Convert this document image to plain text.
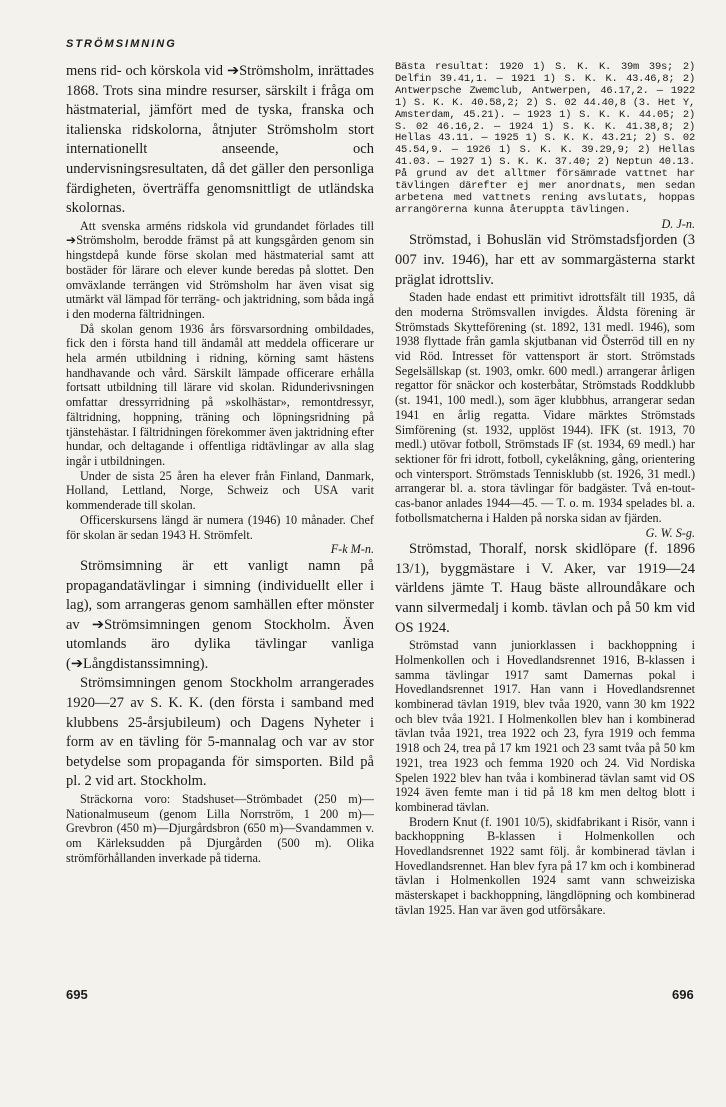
STRÖMSIMNING

mens rid- och körskola vid ➔Strömsholm, inrättades 1868. Trots sina mindre resurser, särskilt i fråga om hästmaterial, jämfört med de tyska, franska och italienska ridskolorna, åtnjuter Strömsholm stort internationellt anseende, och undervisningsresultaten, då det gäller den personliga färdigheten, överträffa genomsnittligt de utländska skolornas.

Att svenska arméns ridskola vid grundandet förlades till ➔Strömsholm, berodde främst på att kungsgården genom sin hingstdepå kunde förse skolan med hästmaterial samt att bostäder för lärare och elever kunde beredas på slottet. Den omväxlande terrängen vid Strömsholm har även visat sig utmärkt väl lämpad för terräng- och jaktridning, som båda ingå i den moderna fältridningen.

Då skolan genom 1936 års försvarsordning ombildades, fick den i första hand till ändamål att meddela officerare ur hela armén utbildning i ridning, körning samt hästens handhavande och vård. Särskilt lämpade officerare erhålla fortsatt utbildning till lärare vid skolan. Ridunderivsningen omfattar dressyrridning på »skolhästar», remontdressyr, fältridning, hoppning, träning och löpningsridning på tjänstehästar. I fältridningen förekommer även jaktridning efter hundar, och deltagande i offentliga ridtävlingar av alla slag ingår i utbildningen.

Under de sista 25 åren ha elever från Finland, Danmark, Holland, Lettland, Norge, Schweiz och USA varit kommenderade till skolan.

Officerskursens längd är numera (1946) 10 månader. Chef för skolan är sedan 1943 H. Strömfelt.

F-k M-n.

Strömsimning är ett vanligt namn på propagandatävlingar i simning (individuellt eller i lag), som arrangeras genom samhällen efter mönster av ➔Strömsimningen genom Stockholm. Även utomlands äro dylika tävlingar vanliga (➔Långdistanssimning).

Strömsimningen genom Stockholm arrangerades 1920—27 av S. K. K. (den första i samband med klubbens 25-årsjubileum) och Dagens Nyheter i form av en tävling för 5-mannalag och var av stor betydelse som propaganda för simsporten. Bild på pl. 2 vid art. Stockholm.

Sträckorna voro: Stadshuset—Strömbadet (250 m)—Nationalmuseum (genom Lilla Norrström, 1 200 m)—Grevbron (450 m)—Djurgårdsbron (650 m)—Svandammen v. om Kärleksudden på Djurgården (500 m). Olika strömförhållanden inverkade på tiderna.

Bästa resultat: 1920 1) S. K. K. 39m 39s; 2) Delfin 39.41,1. — 1921 1) S. K. K. 43.46,8; 2) Antwerpsche Zwemclub, Antwerpen, 46.17,2. — 1922 1) S. K. K. 40.58,2; 2) S. 02 44.40,8 (3. Het Y, Amsterdam, 45.21). — 1923 1) S. K. K. 44.05; 2) S. 02 46.16,2. — 1924 1) S. K. K. 41.38,8; 2) Hellas 43.11. — 1925 1) S. K. K. 43.21; 2) S. 02 45.54,9. — 1926 1) S. K. K. 39.29,9; 2) Hellas 41.03. — 1927 1) S. K. K. 37.40; 2) Neptun 40.13. På grund av det alltmer försämrade vattnet har tävlingen därefter ej mer anordnats, men sedan arbetena med vattnets rening avslutats, hoppas arrangörerna kunna återuppta tävlingen.

D. J-n.

Strömstad, i Bohuslän vid Strömstadsfjorden (3 007 inv. 1946), har ett av sommargästerna starkt präglat idrottsliv.

Staden hade endast ett primitivt idrottsfält till 1935, då den moderna Strömsvallen invigdes. Äldsta förening är Strömstads Skytteförening (st. 1892, 131 medl. 1946), som 1938 flyttade från gamla skjutbanan vid Österröd till en ny vid Röd. Intresset för vattensport är stort. Strömstads Segelsällskap (st. 1903, omkr. 600 medl.) arrangerar årligen regattor för snäckor och kosterbåtar, Strömstads Roddklubb (st. 1941, 100 medl.), som äger klubbhus, arrangerar sedan 1941 en årlig regatta. Vidare märktes Strömstads Simförening (st. 1932, upplöst 1944). IFK (st. 1913, 70 medl.) utövar fotboll, Strömstads IF (st. 1934, 69 medl.) har sektioner för fri idrott, fotboll, cykelåkning, gång, orientering och vintersport. Strömstads Tennisklubb (st. 1926, 31 medl.) arrangerar bl. a. stora tävlingar för badgäster. Två en-tout-cas-banor anlades 1944—45. — T. o. m. 1934 spelades bl. a. fotbollsmatcherna i Halden på norska sidan av fjärden.

G. W. S-g.

Strömstad, Thoralf, norsk skidlöpare (f. 1896 13/1), byggmästare i V. Aker, var 1919—24 världens jämte T. Haug bäste allroundåkare och vann silvermedalj i komb. tävlan och på 50 km vid OS 1924.

Strömstad vann juniorklassen i backhoppning i Holmenkollen och i Hovedlandsrennet 1916, B-klassen i samma tävlingar 1917 samt Damernas pokal i Hovedlandsrennet 1917. Han vann i Hovedlandsrennet kombinerad tävlan 1919, blev tvåa 1920, vann 30 km 1922 och blev tvåa 1921. I Holmenkollen blev han i kombinerad tävlan tvåa 1921, trea 1922 och 23, fyra 1919 och femma 1918 och 24, trea på 17 km 1921 och 23 samt tvåa på 50 km 1921, trea 1923 och femma 1920 och 24. Vid Nordiska Spelen 1922 blev han tvåa i kombinerad tävlan samt vid OS 1924 även femte man i tid på 18 km men deltog blott i kombinerad tävlan.

Brodern Knut (f. 1901 10/5), skidfabrikant i Risör, vann i backhoppning B-klassen i Holmenkollen och Hovedlandsrennet 1922 samt följ. år kombinerad tävlan i Hovedlandsrennet. Han blev fyra på 17 km och i kombinerad tävlan i Holmenkollen 1924 samt vann schweiziska mästerskapet i backhoppning, längdlöpning och kombinerad tävlan 1925. Han var även god utförsåkare.

695	696
